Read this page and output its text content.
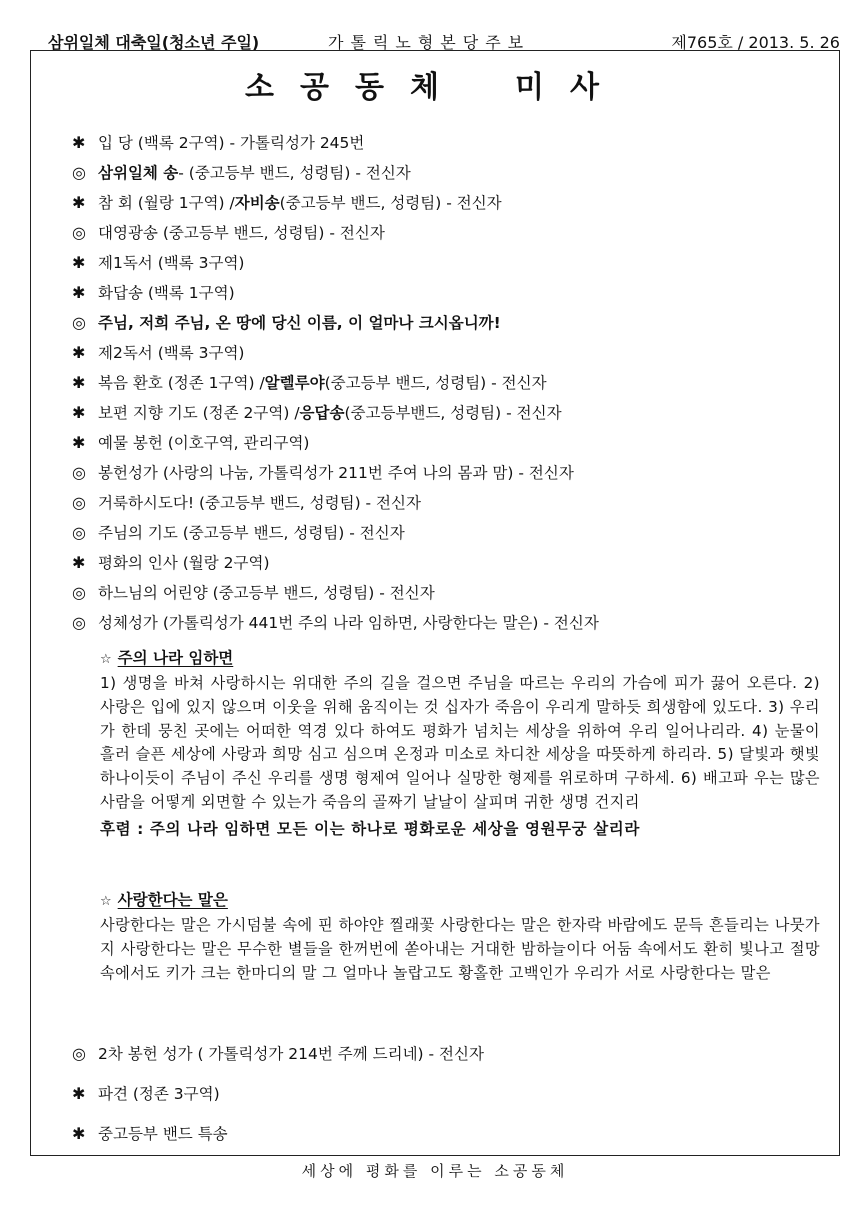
삼위일체 대축일(청소년 주일)	가톨릭노형본당주보	제765호 / 2013. 5. 26
소공동체 미사
✱ 입 당 (백록 2구역) - 가톨릭성가 245번
◎ 삼위일체 송 - (중고등부 밴드, 성령팀) - 전신자
✱ 참 회 (월랑 1구역) / 자비송 (중고등부 밴드, 성령팀) - 전신자
◎ 대영광송 (중고등부 밴드, 성령팀) - 전신자
✱ 제1독서 (백록 3구역)
✱ 화답송 (백록 1구역)
◎ 주님, 저희 주님, 온 땅에 당신 이름, 이 얼마나 크시옵니까!
✱ 제2독서 (백록 3구역)
✱ 복음 환호 (정존 1구역) / 알렐루야 (중고등부 밴드, 성령팀) - 전신자
✱ 보편 지향 기도 (정존 2구역) / 응답송 (중고등부밴드, 성령팀) - 전신자
✱ 예물 봉헌 (이호구역, 관리구역)
◎ 봉헌성가 (사랑의 나눔, 가톨릭성가 211번 주여 나의 몸과 맘) - 전신자
◎ 거룩하시도다! (중고등부 밴드, 성령팀) - 전신자
◎ 주님의 기도 (중고등부 밴드, 성령팀) - 전신자
✱ 평화의 인사 (월랑 2구역)
◎ 하느님의 어린양 (중고등부 밴드, 성령팀) - 전신자
◎ 성체성가 (가톨릭성가 441번 주의 나라 임하면, 사랑한다는 말은) - 전신자
☆ 주의 나라 임하면
1) 생명을 바쳐 사랑하시는 위대한 주의 길을 걸으면 주님을 따르는 우리의 가슴에 피가 끓어 오른다. 2) 사랑은 입에 있지 않으며 이웃을 위해 움직이는 것 십자가 죽음이 우리게 말하듯 희생함에 있도다. 3) 우리가 한데 뭉친 곳에는 어떠한 역경 있다 하여도 평화가 넘치는 세상을 위하여 우리 일어나리라. 4) 눈물이 흘러 슬픈 세상에 사랑과 희망 심고 심으며 온정과 미소로 차디찬 세상을 따뜻하게 하리라. 5) 달빛과 햇빛 하나이듯이 주님이 주신 우리를 생명 형제여 일어나 실망한 형제를 위로하며 구하세. 6) 배고파 우는 많은 사람을 어떻게 외면할 수 있는가 죽음의 골짜기 날날이 살피며 귀한 생명 건지리
후렴 : 주의 나라 임하면 모든 이는 하나로 평화로운 세상을 영원무궁 살리라
☆ 사랑한다는 말은
사랑한다는 말은 가시덤불 속에 핀 하야얀 찔래꽃 사랑한다는 말은 한자락 바람에도 문득 흔들리는 나뭇가지 사랑한다는 말은 무수한 별들을 한꺼번에 쏟아내는 거대한 밤하늘이다 어둠 속에서도 환히 빛나고 절망 속에서도 키가 크는 한마디의 말 그 얼마나 놀랍고도 황홀한 고백인가 우리가 서로 사랑한다는 말은
◎ 2차 봉헌 성가 ( 가톨릭성가 214번 주께 드리네) - 전신자
✱ 파견 (정존 3구역)
✱ 중고등부 밴드 특송
세상에 평화를 이루는 소공동체
